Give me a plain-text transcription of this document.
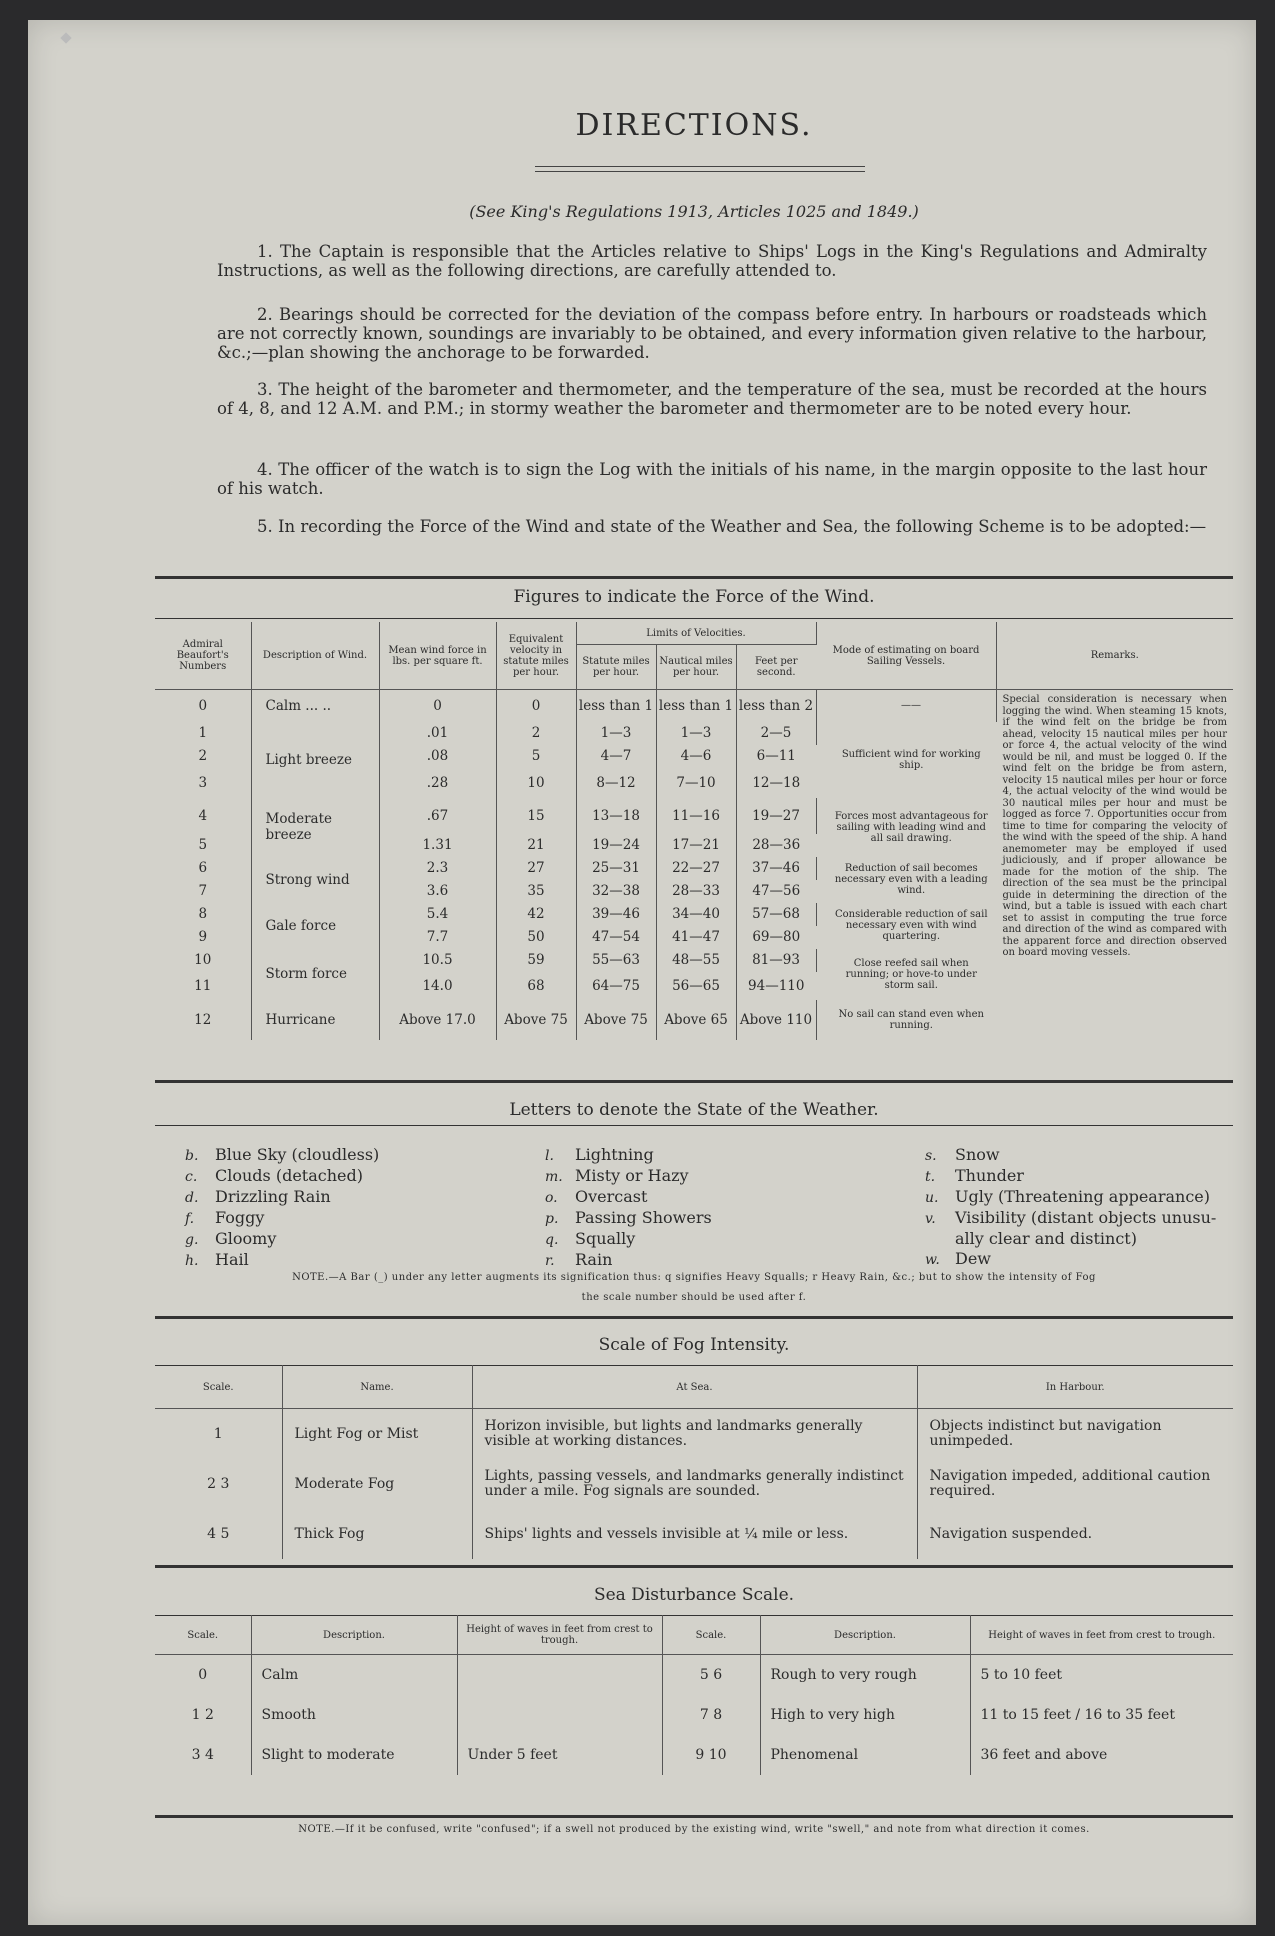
DIRECTIONS.
(See King's Regulations 1913, Articles 1025 and 1849.)

1. The Captain is responsible that the Articles relative to Ships' Logs in the King's Regulations and Admiralty Instructions, as well as the following directions, are carefully attended to.

2. Bearings should be corrected for the deviation of the compass before entry. In harbours or roadsteads which are not correctly known, soundings are invariably to be obtained, and every information given relative to the harbour, &c.;—plan showing the anchorage to be forwarded.

3. The height of the barometer and thermometer, and the temperature of the sea, must be recorded at the hours of 4, 8, and 12 A.M. and P.M.; in stormy weather the barometer and thermometer are to be noted every hour.

4. The officer of the watch is to sign the Log with the initials of his name, in the margin opposite to the last hour of his watch.

5. In recording the Force of the Wind and state of the Weather and Sea, the following Scheme is to be adopted:—

Figures to indicate the Force of the Wind.
Admiral Beaufort's Numbers	Description of Wind.	Mean wind force in lbs. per square ft.	Equivalent velocity in statute miles per hour.	Limits of Velocities.			Mode of estimating on board Sailing Vessels.	Remarks.
				Statute miles per hour.	Nautical miles per hour.	Feet per second.		
0	Calm ... ..	0	0	less than 1	less than 1	less than 2	——	Special consideration is necessary when logging the wind. When steaming 15 knots, if the wind felt on the bridge be from ahead, velocity 15 nautical miles per hour or force 4, the actual velocity of the wind would be nil, and must be logged 0. If the wind felt on the bridge be from astern, velocity 15 nautical miles per hour or force 4, the actual velocity of the wind would be 30 nautical miles per hour and must be logged as force 7. Opportunities occur from time to time for comparing the velocity of the wind with the speed of the ship. A hand anemometer may be employed if used judiciously, and if proper allowance be made for the motion of the ship. The direction of the sea must be the principal guide in determining the direction of the wind, but a table is issued with each chart set to assist in computing the true force and direction of the wind as compared with the apparent force and direction observed on board moving vessels.
1	Light breeze	.01	2	1—3	1—3	2—5	Sufficient wind for working ship.	
2		.08	5	4—7	4—6	6—11		
3		.28	10	8—12	7—10	12—18		
4	Moderate breeze	.67	15	13—18	11—16	19—27	Forces most advantageous for sailing with leading wind and all sail drawing.	
5		1.31	21	19—24	17—21	28—36		
6	Strong wind	2.3	27	25—31	22—27	37—46	Reduction of sail becomes necessary even with a leading wind.	
7		3.6	35	32—38	28—33	47—56		
8	Gale force	5.4	42	39—46	34—40	57—68	Considerable reduction of sail necessary even with wind quartering.	
9		7.7	50	47—54	41—47	69—80		
10	Storm force	10.5	59	55—63	48—55	81—93	Close reefed sail when running; or hove-to under storm sail.	
11		14.0	68	64—75	56—65	94—110		
12	Hurricane	Above 17.0	Above 75	Above 75	Above 65	Above 110	No sail can stand even when running.	
Letters to denote the State of the Weather.
b. Blue Sky (cloudless)
c. Clouds (detached)
d. Drizzling Rain
f. Foggy
g. Gloomy
h. Hail
l. Lightning
m. Misty or Hazy
o. Overcast
p. Passing Showers
q. Squally
r. Rain
s. Snow
t. Thunder
u. Ugly (Threatening appearance)
v. Visibility (distant objects unusu-
ally clear and distinct)
w. Dew
NOTE.—A Bar (_) under any letter augments its signification thus: q signifies Heavy Squalls; r Heavy Rain, &c.; but to show the intensity of Fog
the scale number should be used after f.
Scale of Fog Intensity.
Scale.	Name.	At Sea.	In Harbour.
1	Light Fog or Mist	Horizon invisible, but lights and landmarks generally visible at working distances.	Objects indistinct but navigation unimpeded.
2 3	Moderate Fog	Lights, passing vessels, and landmarks generally indistinct under a mile. Fog signals are sounded.	Navigation impeded, additional caution required.
4 5	Thick Fog	Ships' lights and vessels invisible at ¼ mile or less.	Navigation suspended.
Sea Disturbance Scale.
Scale.	Description.	Height of waves in feet from crest to trough.	Scale.	Description.	Height of waves in feet from crest to trough.
0	Calm		5 6	Rough to very rough	5 to 10 feet
1 2	Smooth		7 8	High to very high	11 to 15 feet / 16 to 35 feet
3 4	Slight to moderate	Under 5 feet	9 10	Phenomenal	36 feet and above
NOTE.—If it be confused, write "confused"; if a swell not produced by the existing wind, write "swell," and note from what direction it comes.
